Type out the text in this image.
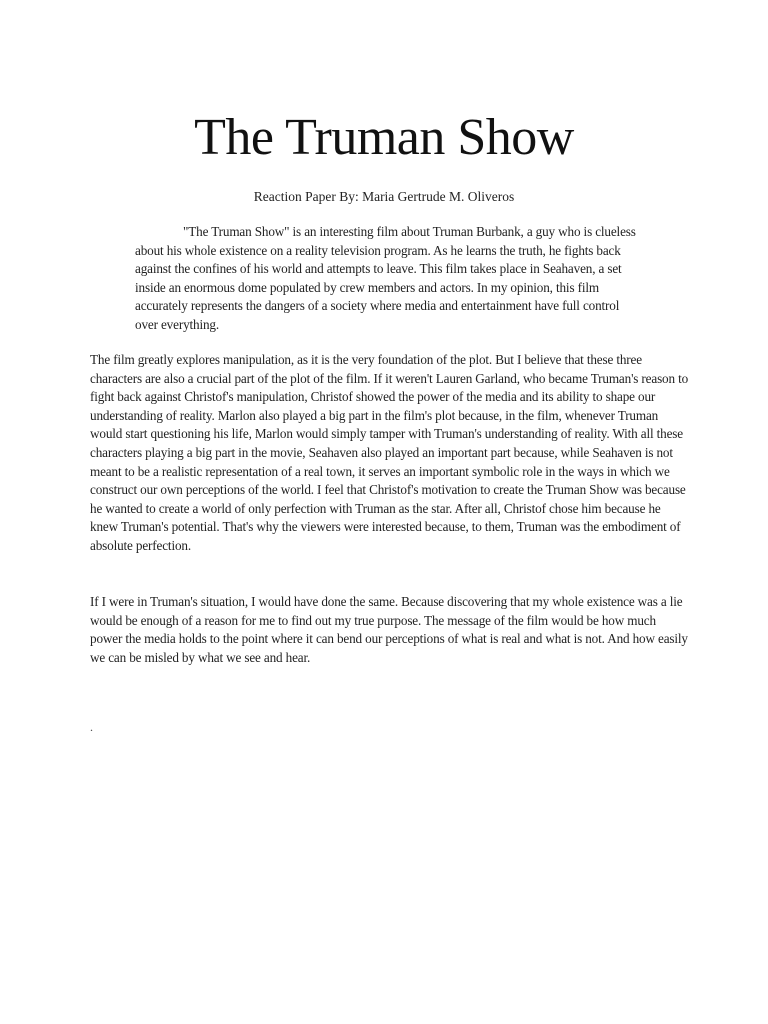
The Truman Show

Reaction Paper By: Maria Gertrude M. Oliveros

"The Truman Show" is an interesting film about Truman Burbank, a guy who is clueless about his whole existence on a reality television program. As he learns the truth, he fights back against the confines of his world and attempts to leave. This film takes place in Seahaven, a set inside an enormous dome populated by crew members and actors. In my opinion, this film accurately represents the dangers of a society where media and entertainment have full control over everything.

The film greatly explores manipulation, as it is the very foundation of the plot. But I believe that these three characters are also a crucial part of the plot of the film. If it weren't Lauren Garland, who became Truman's reason to fight back against Christof's manipulation, Christof showed the power of the media and its ability to shape our understanding of reality. Marlon also played a big part in the film's plot because, in the film, whenever Truman would start questioning his life, Marlon would simply tamper with Truman's understanding of reality. With all these characters playing a big part in the movie, Seahaven also played an important part because, while Seahaven is not meant to be a realistic representation of a real town, it serves an important symbolic role in the ways in which we construct our own perceptions of the world. I feel that Christof's motivation to create the Truman Show was because he wanted to create a world of only perfection with Truman as the star. After all, Christof chose him because he knew Truman's potential. That's why the viewers were interested because, to them, Truman was the embodiment of absolute perfection.

If I were in Truman's situation, I would have done the same. Because discovering that my whole existence was a lie would be enough of a reason for me to find out my true purpose. The message of the film would be how much power the media holds to the point where it can bend our perceptions of what is real and what is not. And how easily we can be misled by what we see and hear.

.
